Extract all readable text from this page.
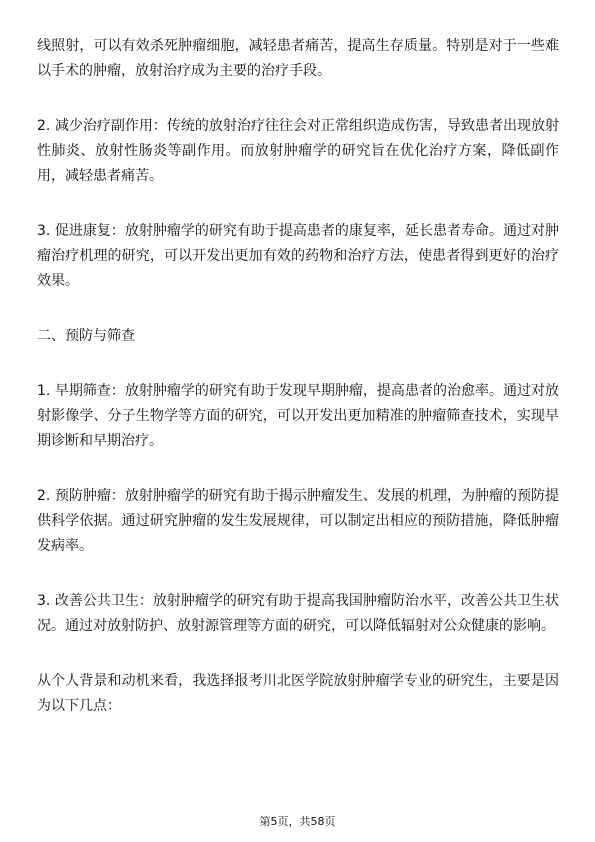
线照射，可以有效杀死肿瘤细胞，减轻患者痛苦，提高生存质量。特别是对于一些难以手术的肿瘤，放射治疗成为主要的治疗手段。

2. 减少治疗副作用：传统的放射治疗往往会对正常组织造成伤害，导致患者出现放射性肺炎、放射性肠炎等副作用。而放射肿瘤学的研究旨在优化治疗方案，降低副作用，减轻患者痛苦。

3. 促进康复：放射肿瘤学的研究有助于提高患者的康复率，延长患者寿命。通过对肿瘤治疗机理的研究，可以开发出更加有效的药物和治疗方法，使患者得到更好的治疗效果。

二、预防与筛查

1. 早期筛查：放射肿瘤学的研究有助于发现早期肿瘤，提高患者的治愈率。通过对放射影像学、分子生物学等方面的研究，可以开发出更加精准的肿瘤筛查技术，实现早期诊断和早期治疗。

2. 预防肿瘤：放射肿瘤学的研究有助于揭示肿瘤发生、发展的机理，为肿瘤的预防提供科学依据。通过研究肿瘤的发生发展规律，可以制定出相应的预防措施，降低肿瘤发病率。

3. 改善公共卫生：放射肿瘤学的研究有助于提高我国肿瘤防治水平，改善公共卫生状况。通过对放射防护、放射源管理等方面的研究，可以降低辐射对公众健康的影响。

从个人背景和动机来看，我选择报考川北医学院放射肿瘤学专业的研究生，主要是因为以下几点：

第5页，共58页
